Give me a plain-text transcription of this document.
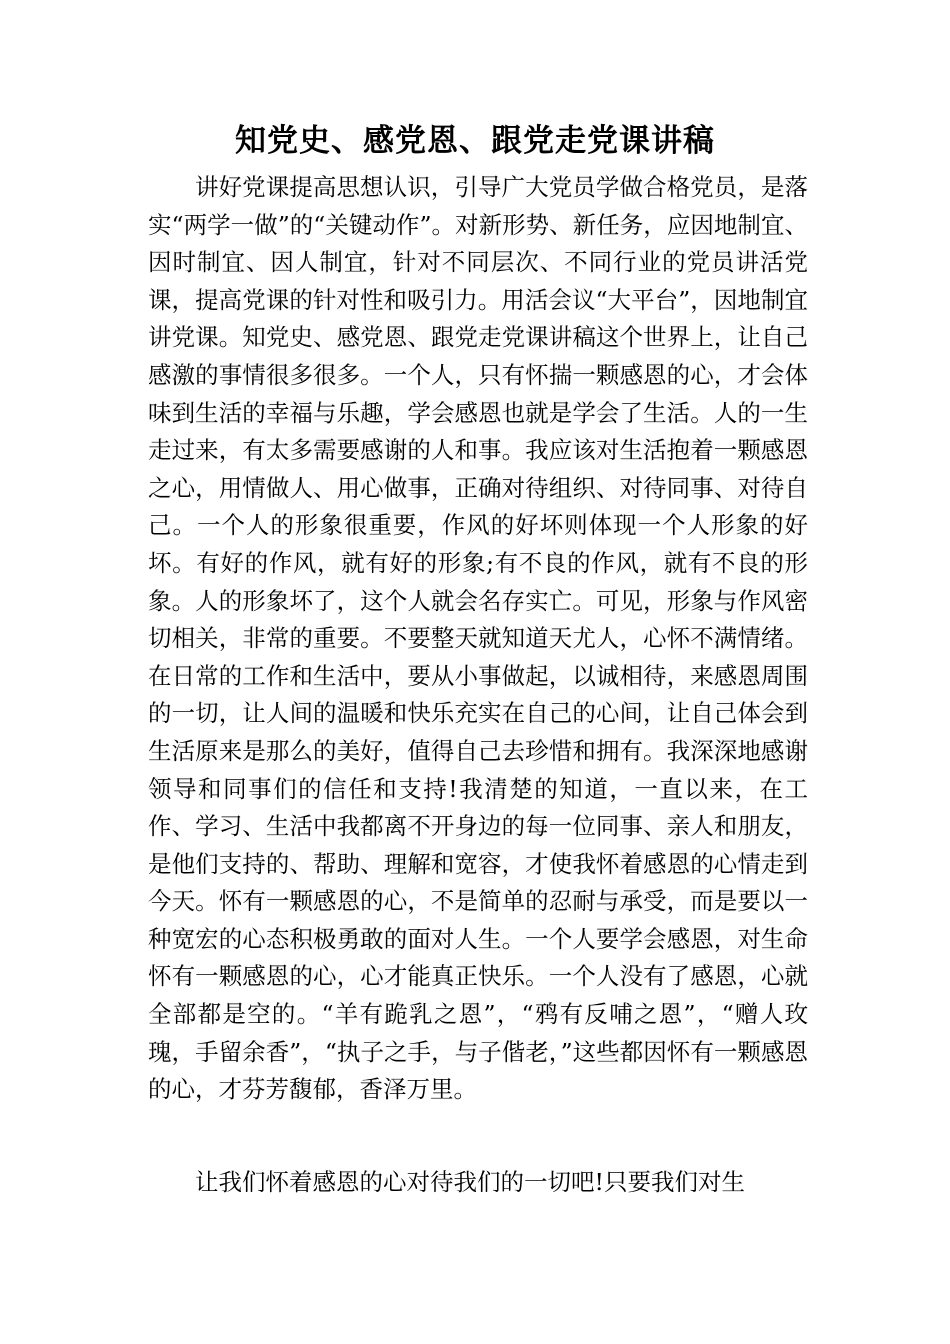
知党史、感党恩、跟党走党课讲稿

讲好党课提高思想认识，引导广大党员学做合格党员，是落实“两学一做”的“关键动作”。对新形势、新任务，应因地制宜、因时制宜、因人制宜，针对不同层次、不同行业的党员讲活党课，提高党课的针对性和吸引力。用活会议“大平台”，因地制宜讲党课。知党史、感党恩、跟党走党课讲稿这个世界上，让自己感激的事情很多很多。一个人，只有怀揣一颗感恩的心，才会体味到生活的幸福与乐趣，学会感恩也就是学会了生活。人的一生走过来，有太多需要感谢的人和事。我应该对生活抱着一颗感恩之心，用情做人、用心做事，正确对待组织、对待同事、对待自己。一个人的形象很重要，作风的好坏则体现一个人形象的好坏。有好的作风，就有好的形象;有不良的作风，就有不良的形象。人的形象坏了，这个人就会名存实亡。可见，形象与作风密切相关，非常的重要。不要整天就知道天尤人，心怀不满情绪。在日常的工作和生活中，要从小事做起，以诚相待，来感恩周围的一切，让人间的温暖和快乐充实在自己的心间，让自己体会到生活原来是那么的美好，值得自己去珍惜和拥有。我深深地感谢领导和同事们的信任和支持!我清楚的知道，一直以来，在工作、学习、生活中我都离不开身边的每一位同事、亲人和朋友，是他们支持的、帮助、理解和宽容，才使我怀着感恩的心情走到今天。怀有一颗感恩的心，不是简单的忍耐与承受，而是要以一种宽宏的心态积极勇敢的面对人生。一个人要学会感恩，对生命怀有一颗感恩的心，心才能真正快乐。一个人没有了感恩，心就全部都是空的。“羊有跪乳之恩”，“鸦有反哺之恩”，“赠人玫瑰，手留余香”，“执子之手，与子偕老，”这些都因怀有一颗感恩的心，才芬芳馥郁，香泽万里。

让我们怀着感恩的心对待我们的一切吧!只要我们对生
